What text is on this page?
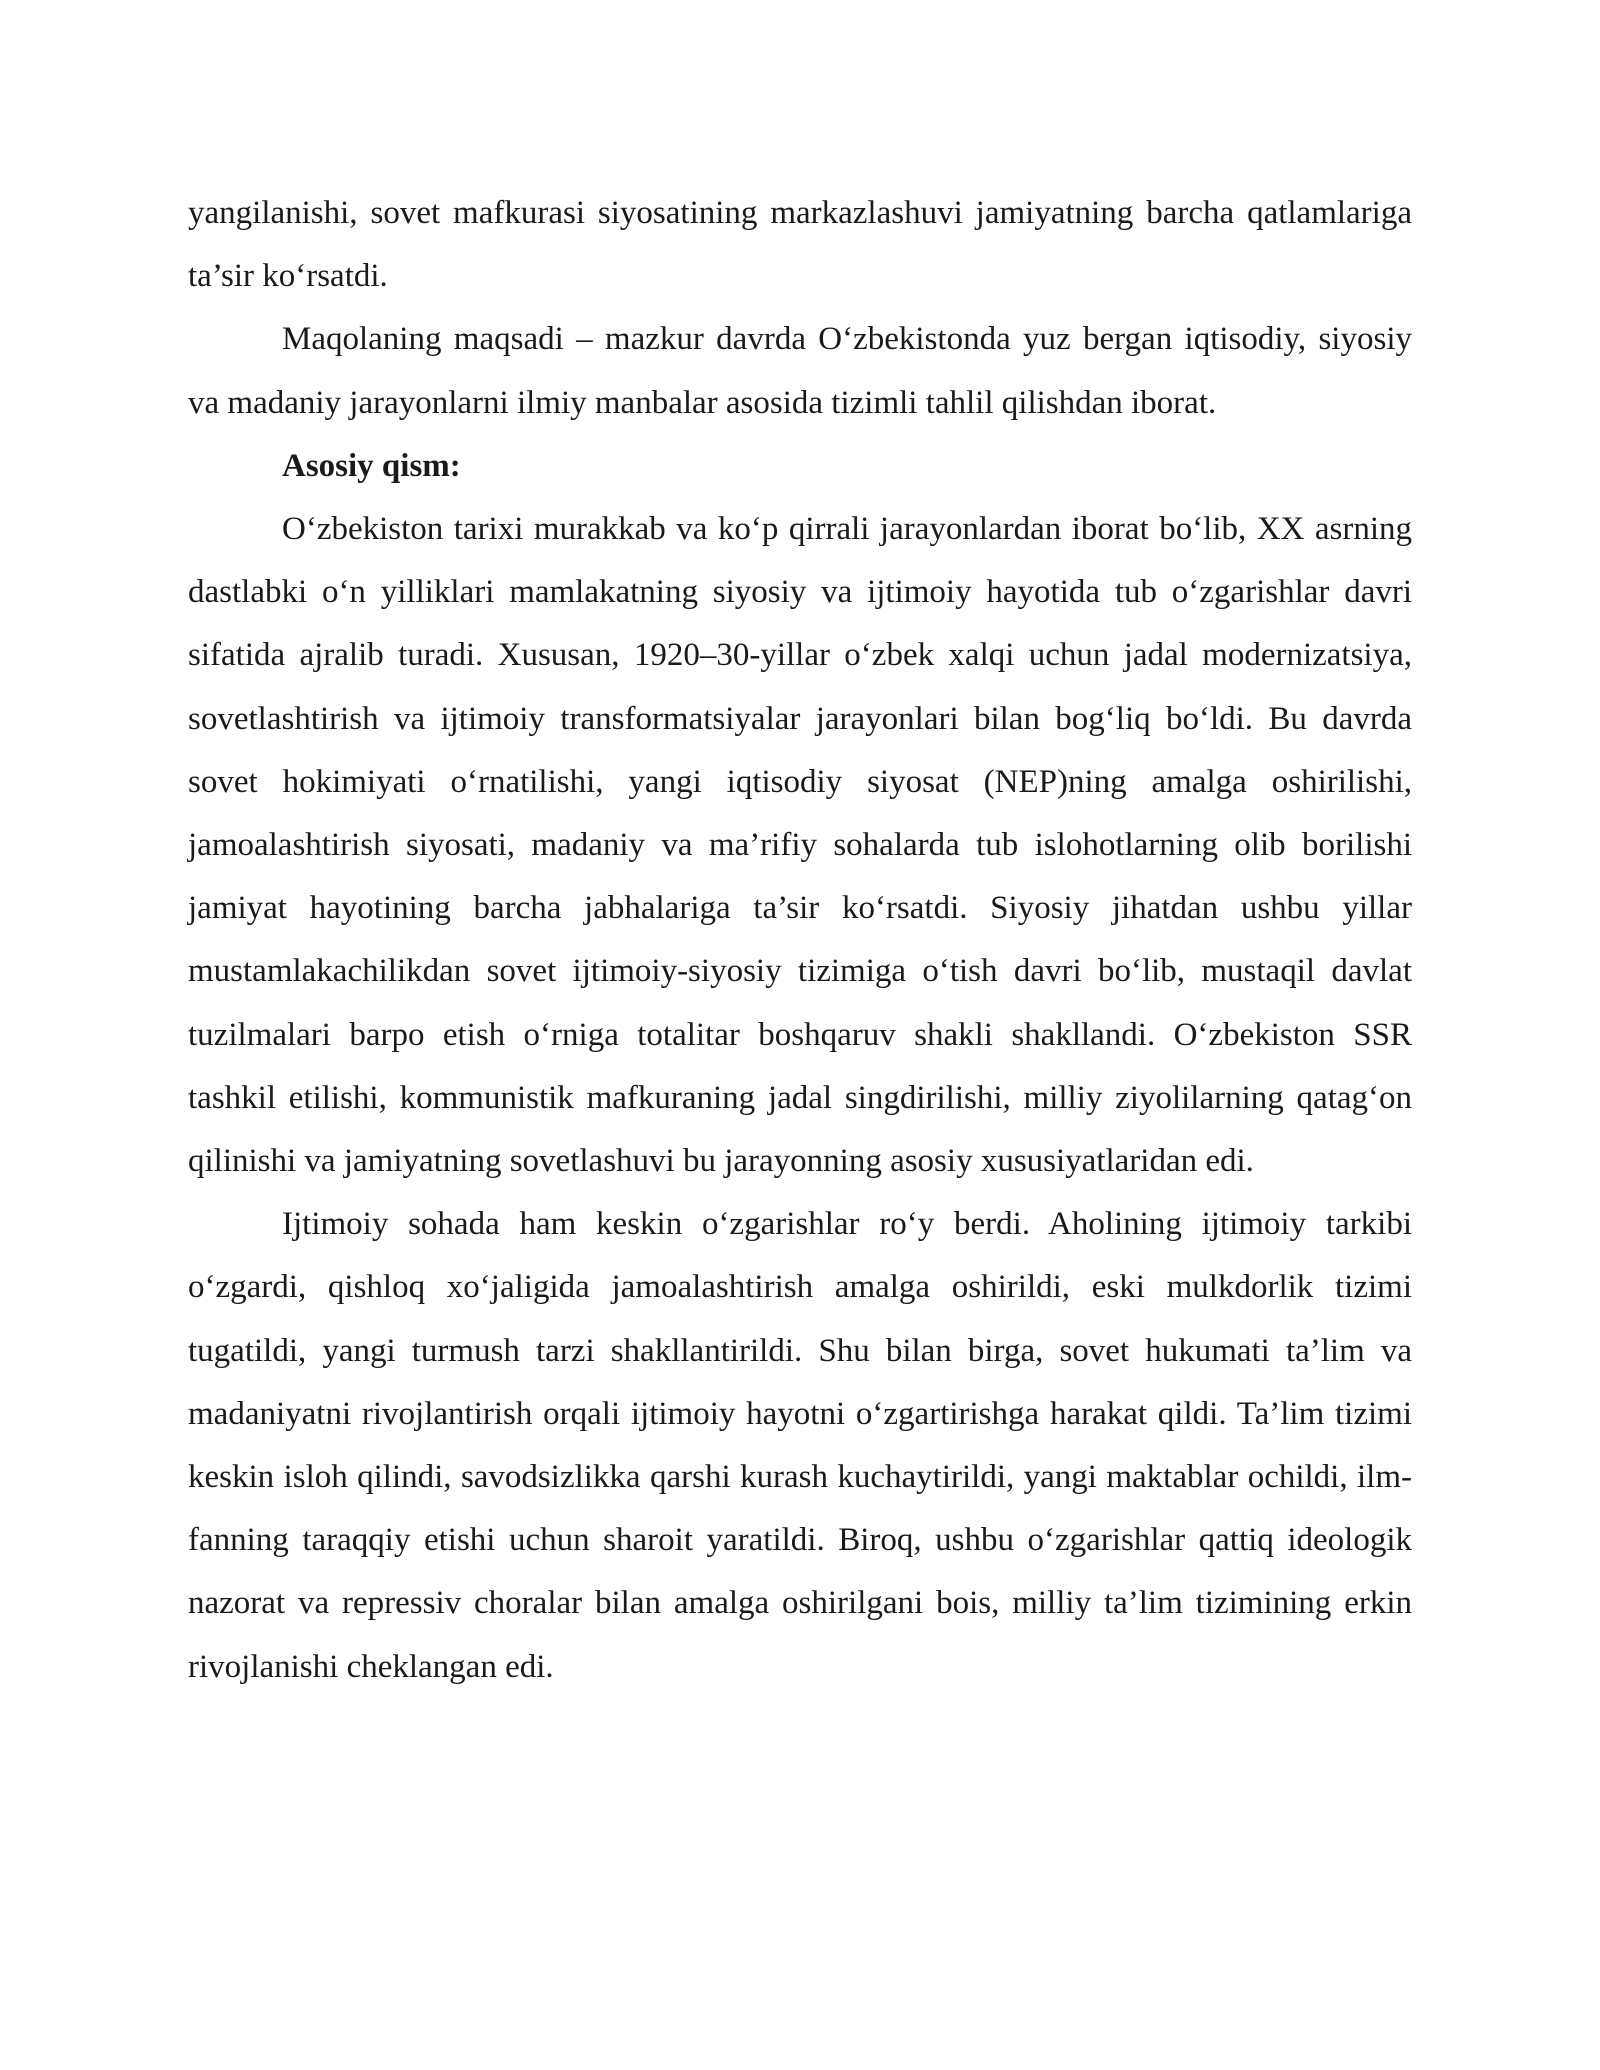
yangilanishi, sovet mafkurasi siyosatining markazlashuvi jamiyatning barcha qatlamlariga ta’sir ko‘rsatdi.

Maqolaning maqsadi – mazkur davrda O‘zbekistonda yuz bergan iqtisodiy, siyosiy va madaniy jarayonlarni ilmiy manbalar asosida tizimli tahlil qilishdan iborat.

Asosiy qism:

O‘zbekiston tarixi murakkab va ko‘p qirrali jarayonlardan iborat bo‘lib, XX asrning dastlabki o‘n yilliklari mamlakatning siyosiy va ijtimoiy hayotida tub o‘zgarishlar davri sifatida ajralib turadi. Xususan, 1920–30-yillar o‘zbek xalqi uchun jadal modernizatsiya, sovetlashtirish va ijtimoiy transformatsiyalar jarayonlari bilan bog‘liq bo‘ldi. Bu davrda sovet hokimiyati o‘rnatilishi, yangi iqtisodiy siyosat (NEP)ning amalga oshirilishi, jamoalashtirish siyosati, madaniy va ma’rifiy sohalarda tub islohotlarning olib borilishi jamiyat hayotining barcha jabhalariga ta’sir ko‘rsatdi. Siyosiy jihatdan ushbu yillar mustamlakachilikdan sovet ijtimoiy-siyosiy tizimiga o‘tish davri bo‘lib, mustaqil davlat tuzilmalari barpo etish o‘rniga totalitar boshqaruv shakli shakllandi. O‘zbekiston SSR tashkil etilishi, kommunistik mafkuraning jadal singdirilishi, milliy ziyolilarning qatag‘on qilinishi va jamiyatning sovetlashuvi bu jarayonning asosiy xususiyatlaridan edi.

Ijtimoiy sohada ham keskin o‘zgarishlar ro‘y berdi. Aholining ijtimoiy tarkibi o‘zgardi, qishloq xo‘jaligida jamoalashtirish amalga oshirildi, eski mulkdorlik tizimi tugatildi, yangi turmush tarzi shakllantirildi. Shu bilan birga, sovet hukumati ta’lim va madaniyatni rivojlantirish orqali ijtimoiy hayotni o‘zgartirishga harakat qildi. Ta’lim tizimi keskin isloh qilindi, savodsizlikka qarshi kurash kuchaytirildi, yangi maktablar ochildi, ilm-fanning taraqqiy etishi uchun sharoit yaratildi. Biroq, ushbu o‘zgarishlar qattiq ideologik nazorat va repressiv choralar bilan amalga oshirilgani bois, milliy ta’lim tizimining erkin rivojlanishi cheklangan edi.
